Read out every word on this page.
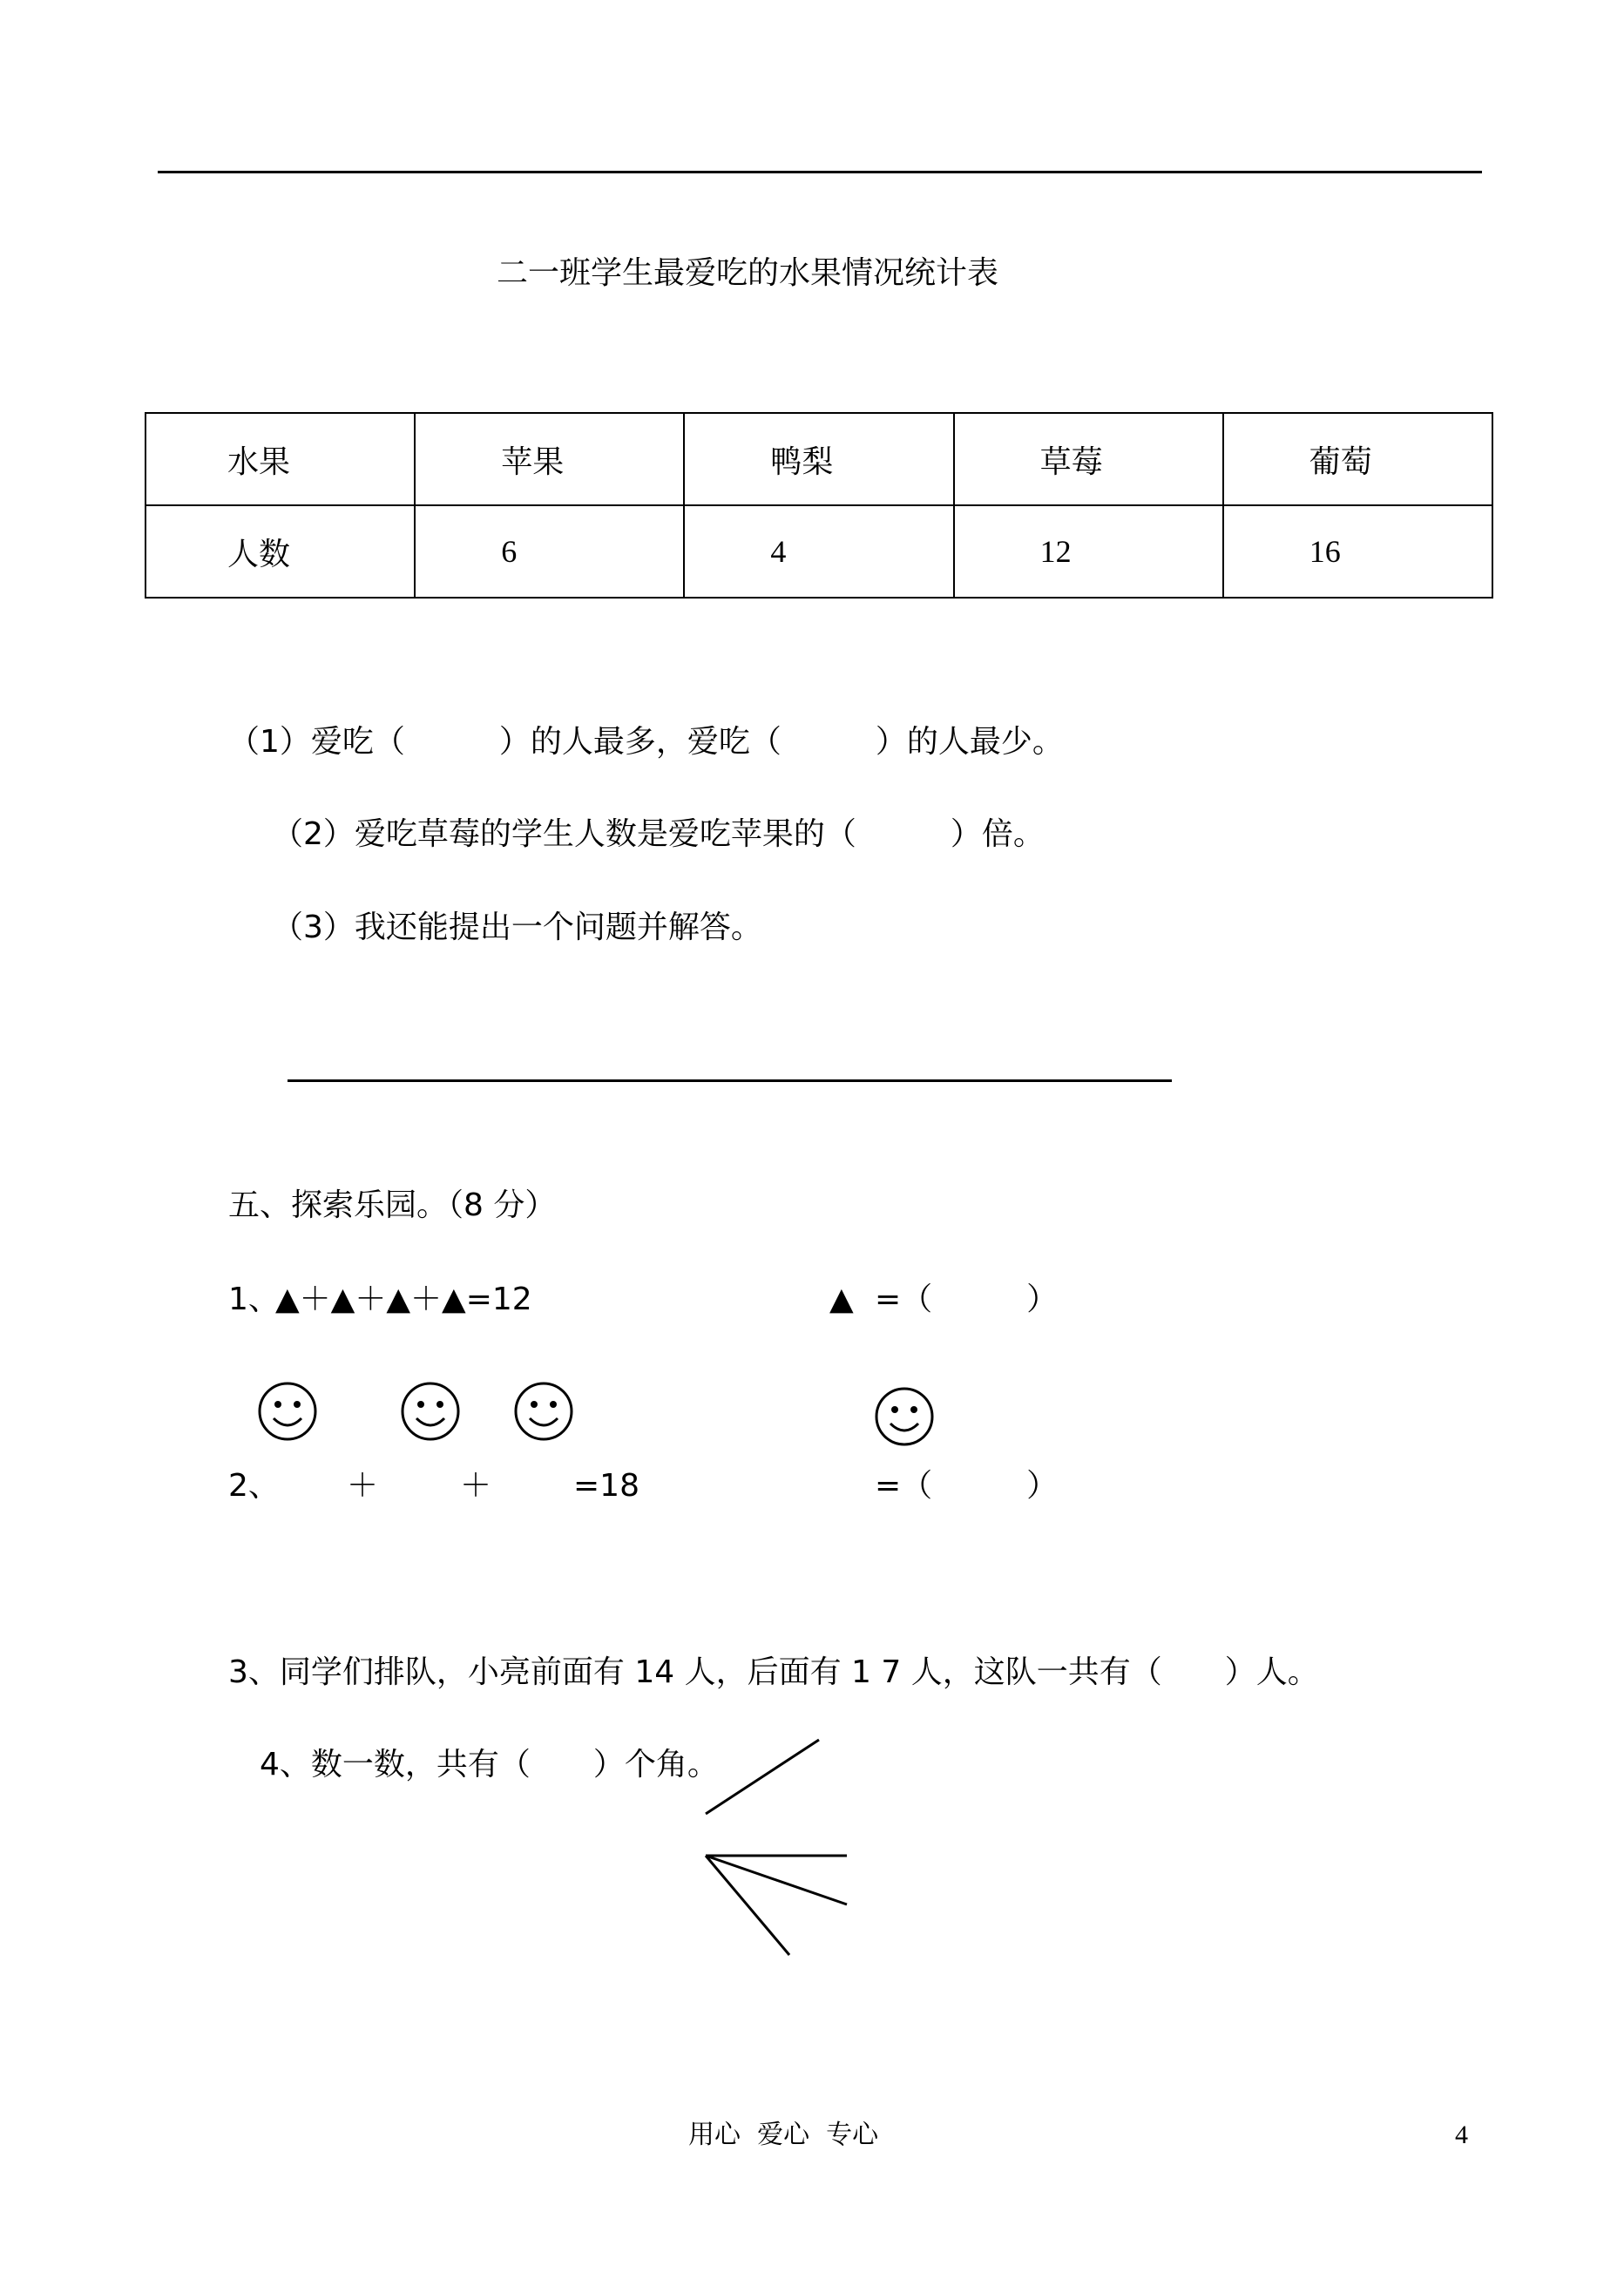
二一班学生最爱吃的水果情况统计表
水果	苹果	鸭梨	草莓	葡萄
人数	6	4	12	16
（1）爱吃（　　　）的人最多，爱吃（　　　）的人最少。
（2）爱吃草莓的学生人数是爱吃苹果的（　　　）倍。
（3）我还能提出一个问题并解答。
五、探索乐园。（8 分）
1、
▲＋▲＋▲＋▲=12	▲ =（　　　）
2、 ＋	＋	=18	=（　　　）
3、同学们排队，小亮前面有 14 人，后面有 1 7 人，这队一共有（　　）人。
4、数一数，共有（　　）个角。
用心  爱心  专心	4
